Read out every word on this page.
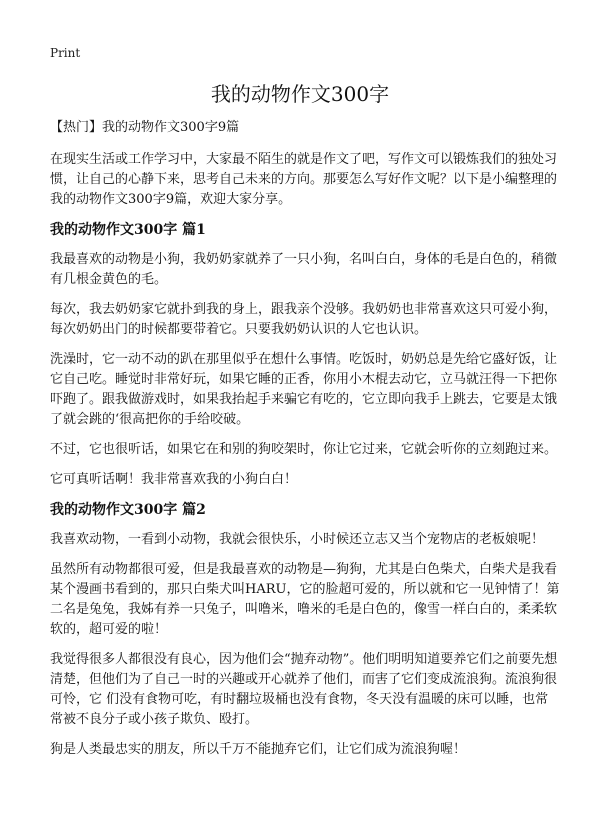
Print
我的动物作文300字

【热门】我的动物作文300字9篇

在现实生活或工作学习中，大家最不陌生的就是作文了吧，写作文可以锻炼我们的独处习惯，让自己的心静下来，思考自己未来的方向。那要怎么写好作文呢？以下是小编整理的我的动物作文300字9篇，欢迎大家分享。

我的动物作文300字 篇1

我最喜欢的动物是小狗，我奶奶家就养了一只小狗，名叫白白，身体的毛是白色的，稍微有几根金黄色的毛。

每次，我去奶奶家它就扑到我的身上，跟我亲个没够。我奶奶也非常喜欢这只可爱小狗，每次奶奶出门的时候都要带着它。只要我奶奶认识的人它也认识。

洗澡时，它一动不动的趴在那里似乎在想什么事情。吃饭时，奶奶总是先给它盛好饭，让它自己吃。睡觉时非常好玩，如果它睡的正香，你用小木棍去动它，立马就汪得一下把你吓跑了。跟我做游戏时，如果我抬起手来骗它有吃的，它立即向我手上跳去，它要是太饿了就会跳的‘很高把你的手给咬破。

不过，它也很听话，如果它在和别的狗咬架时，你让它过来，它就会听你的立刻跑过来。

它可真听话啊！我非常喜欢我的小狗白白！

我的动物作文300字 篇2

我喜欢动物，一看到小动物，我就会很快乐，小时候还立志又当个宠物店的老板娘呢！

虽然所有动物都很可爱，但是我最喜欢的动物是—狗狗，尤其是白色柴犬，白柴犬是我看某个漫画书看到的，那只白柴犬叫HARU，它的脸超可爱的，所以就和它一见钟情了！第二名是兔兔，我姊有养一只兔子，叫噜米，噜米的毛是白色的，像雪一样白白的，柔柔软软的，超可爱的啦！

我觉得很多人都很没有良心，因为他们会“抛弃动物”。他们明明知道要养它们之前要先想清楚，但他们为了自己一时的兴趣或开心就养了他们，而害了它们变成流浪狗。流浪狗很可怜，它 们没有食物可吃，有时翻垃圾桶也没有食物，冬天没有温暖的床可以睡，也常常被不良分子或小孩子欺负、殴打。

狗是人类最忠实的朋友，所以千万不能抛弃它们，让它们成为流浪狗喔！
